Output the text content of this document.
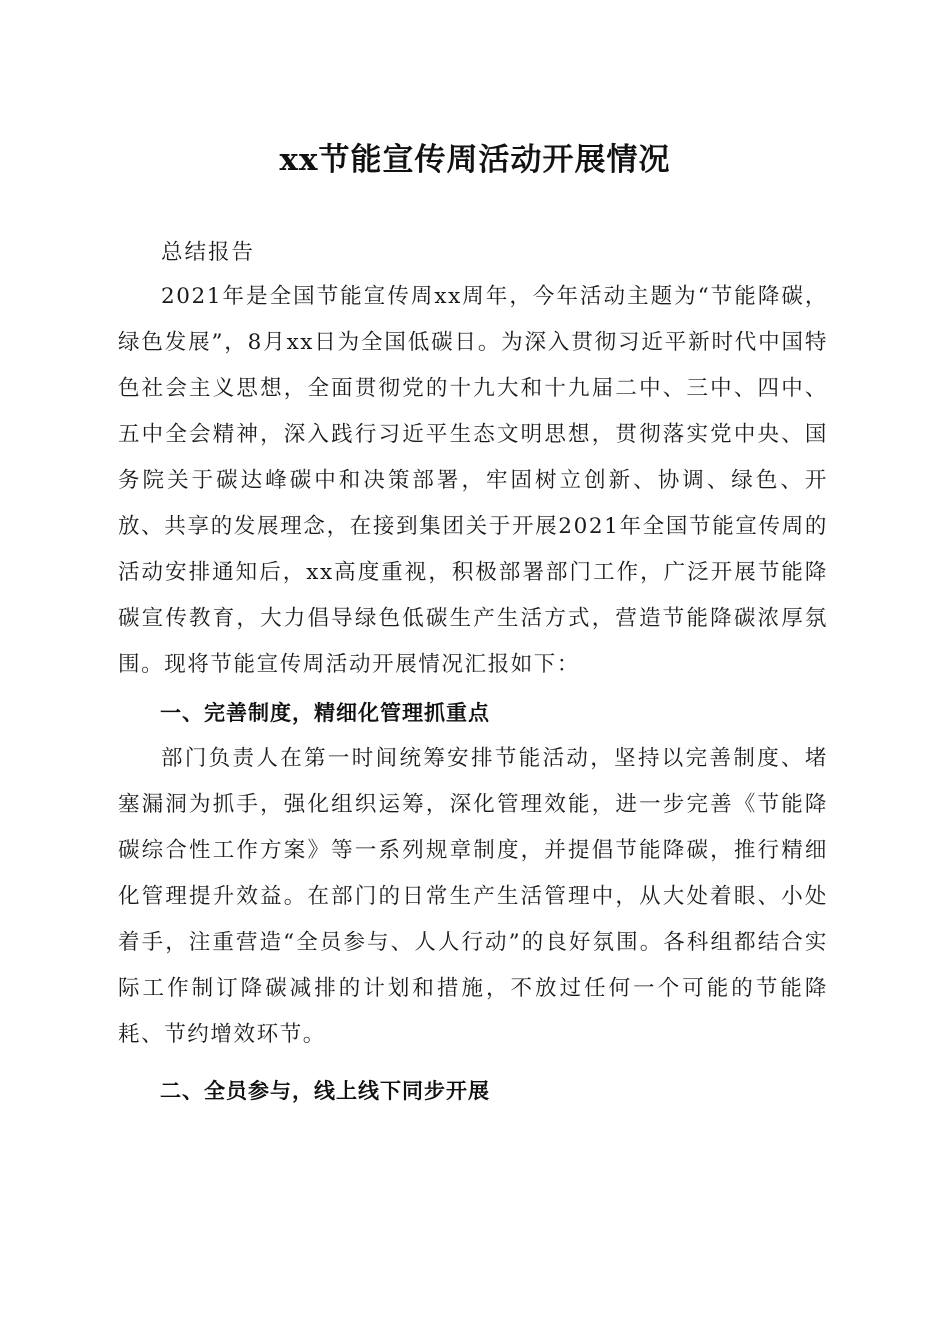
xx节能宣传周活动开展情况

总结报告

2021年是全国节能宣传周xx周年，今年活动主题为“节能降碳，绿色发展”，8月xx日为全国低碳日。为深入贯彻习近平新时代中国特色社会主义思想，全面贯彻党的十九大和十九届二中、三中、四中、五中全会精神，深入践行习近平生态文明思想，贯彻落实党中央、国务院关于碳达峰碳中和决策部署，牢固树立创新、协调、绿色、开放、共享的发展理念，在接到集团关于开展2021年全国节能宣传周的活动安排通知后，xx高度重视，积极部署部门工作，广泛开展节能降碳宣传教育，大力倡导绿色低碳生产生活方式，营造节能降碳浓厚氛围。现将节能宣传周活动开展情况汇报如下：

一、完善制度，精细化管理抓重点

部门负责人在第一时间统筹安排节能活动，坚持以完善制度、堵塞漏洞为抓手，强化组织运筹，深化管理效能，进一步完善《节能降碳综合性工作方案》等一系列规章制度，并提倡节能降碳，推行精细化管理提升效益。在部门的日常生产生活管理中，从大处着眼、小处着手，注重营造“全员参与、人人行动”的良好氛围。各科组都结合实际工作制订降碳减排的计划和措施，不放过任何一个可能的节能降耗、节约增效环节。

二、全员参与，线上线下同步开展
